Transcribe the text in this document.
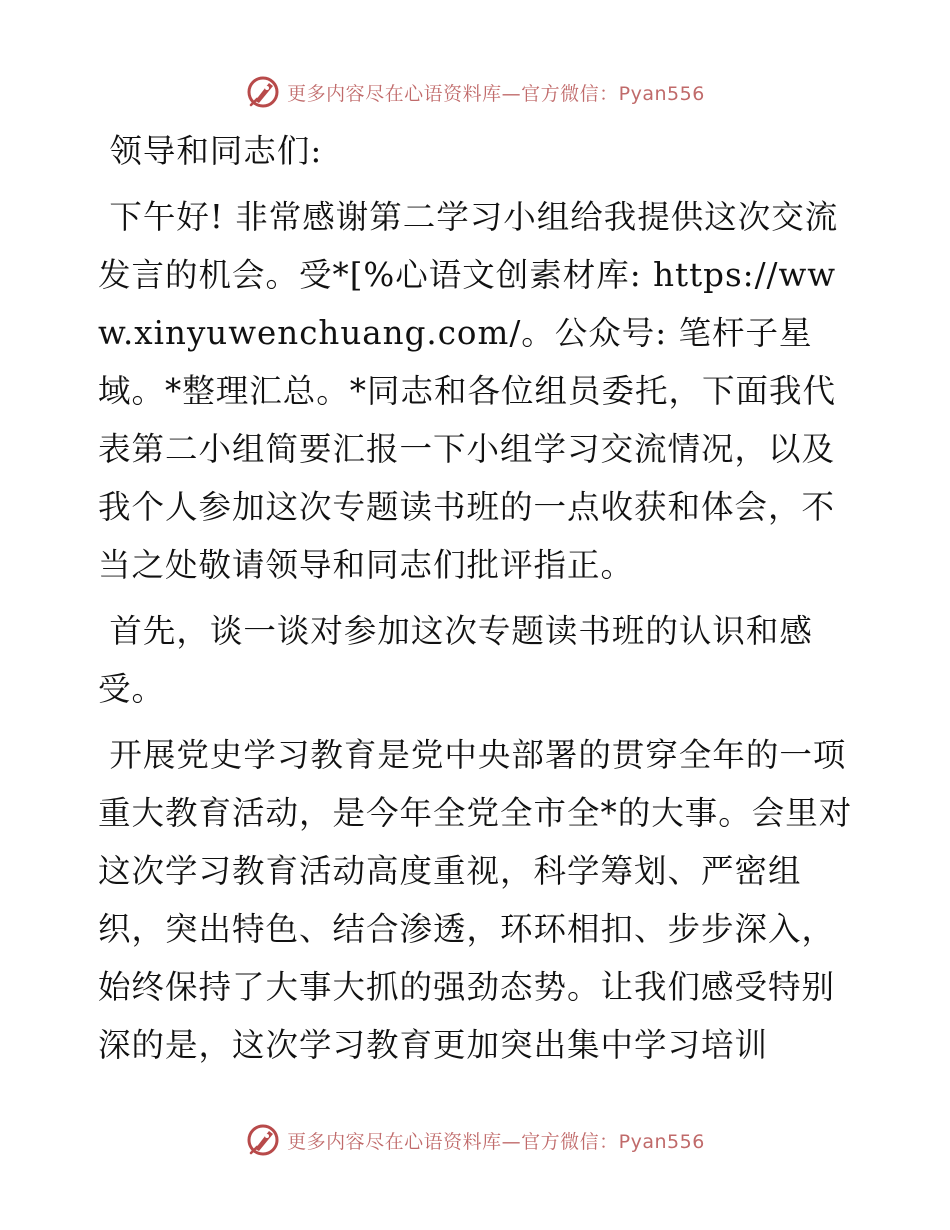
更多内容尽在心语资料库—官方微信：Pyan556

领导和同志们:

下午好! 非常感谢第二学习小组给我提供这次交流发言的机会。受*[%心语文创素材库: https://www.xinyuwenchuang.com/。公众号: 笔杆子星域。*整理汇总。*同志和各位组员委托，下面我代表第二小组简要汇报一下小组学习交流情况，以及我个人参加这次专题读书班的一点收获和体会，不当之处敬请领导和同志们批评指正。

首先，谈一谈对参加这次专题读书班的认识和感受。

开展党史学习教育是党中央部署的贯穿全年的一项重大教育活动，是今年全党全市全*的大事。会里对这次学习教育活动高度重视，科学筹划、严密组织，突出特色、结合渗透，环环相扣、步步深入，始终保持了大事大抓的强劲态势。让我们感受特别深的是，这次学习教育更加突出集中学习培训

更多内容尽在心语资料库—官方微信：Pyan556
